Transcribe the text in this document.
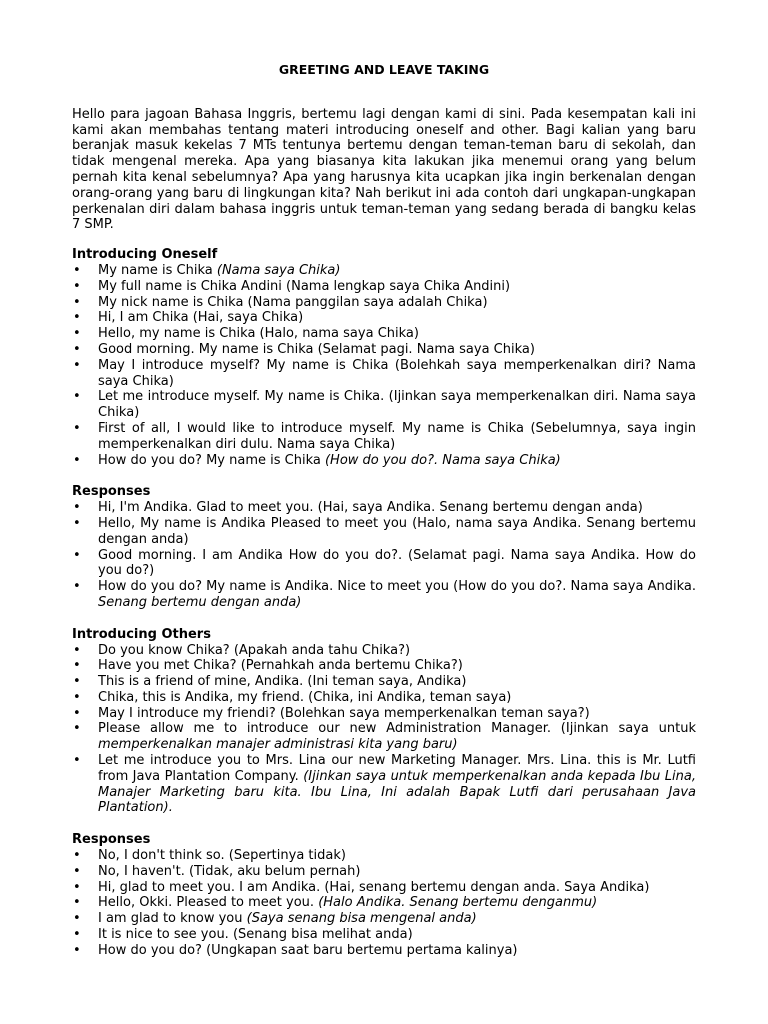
GREETING AND LEAVE TAKING

Hello para jagoan Bahasa Inggris, bertemu lagi dengan kami di sini. Pada kesempatan kali ini kami akan membahas tentang materi introducing oneself and other. Bagi kalian yang baru beranjak masuk kekelas 7 MTs tentunya bertemu dengan teman-teman baru di sekolah, dan tidak mengenal mereka. Apa yang biasanya kita lakukan jika menemui orang yang belum pernah kita kenal sebelumnya? Apa yang harusnya kita ucapkan jika ingin berkenalan dengan orang-orang yang baru di lingkungan kita? Nah berikut ini ada contoh dari ungkapan-ungkapan perkenalan diri dalam bahasa inggris untuk teman-teman yang sedang berada di bangku kelas 7 SMP.

Introducing Oneself
• My name is Chika (Nama saya Chika)
• My full name is Chika Andini (Nama lengkap saya Chika Andini)
• My nick name is Chika (Nama panggilan saya adalah Chika)
• Hi, I am Chika (Hai, saya Chika)
• Hello, my name is Chika (Halo, nama saya Chika)
• Good morning. My name is Chika (Selamat pagi. Nama saya Chika)
• May I introduce myself? My name is Chika (Bolehkah saya memperkenalkan diri? Nama saya Chika)
• Let me introduce myself. My name is Chika. (Ijinkan saya memperkenalkan diri. Nama saya Chika)
• First of all, I would like to introduce myself. My name is Chika (Sebelumnya, saya ingin memperkenalkan diri dulu. Nama saya Chika)
• How do you do? My name is Chika (How do you do?. Nama saya Chika)
Responses
• Hi, I'm Andika. Glad to meet you. (Hai, saya Andika. Senang bertemu dengan anda)
• Hello, My name is Andika Pleased to meet you (Halo, nama saya Andika. Senang bertemu dengan anda)
• Good morning. I am Andika How do you do?. (Selamat pagi. Nama saya Andika. How do you do?)
• How do you do? My name is Andika. Nice to meet you (How do you do?. Nama saya Andika. Senang bertemu dengan anda)
Introducing Others
• Do you know Chika? (Apakah anda tahu Chika?)
• Have you met Chika? (Pernahkah anda bertemu Chika?)
• This is a friend of mine, Andika. (Ini teman saya, Andika)
• Chika, this is Andika, my friend. (Chika, ini Andika, teman saya)
• May I introduce my friendi? (Bolehkan saya memperkenalkan teman saya?)
• Please allow me to introduce our new Administration Manager. (Ijinkan saya untuk memperkenalkan manajer administrasi kita yang baru)
• Let me introduce you to Mrs. Lina our new Marketing Manager. Mrs. Lina. this is Mr. Lutfi from Java Plantation Company. (Ijinkan saya untuk memperkenalkan anda kepada Ibu Lina, Manajer Marketing baru kita. Ibu Lina, Ini adalah Bapak Lutfi dari perusahaan Java Plantation).
Responses
• No, I don't think so. (Sepertinya tidak)
• No, I haven't. (Tidak, aku belum pernah)
• Hi, glad to meet you. I am Andika. (Hai, senang bertemu dengan anda. Saya Andika)
• Hello, Okki. Pleased to meet you. (Halo Andika. Senang bertemu denganmu)
• I am glad to know you (Saya senang bisa mengenal anda)
• It is nice to see you. (Senang bisa melihat anda)
• How do you do? (Ungkapan saat baru bertemu pertama kalinya)
